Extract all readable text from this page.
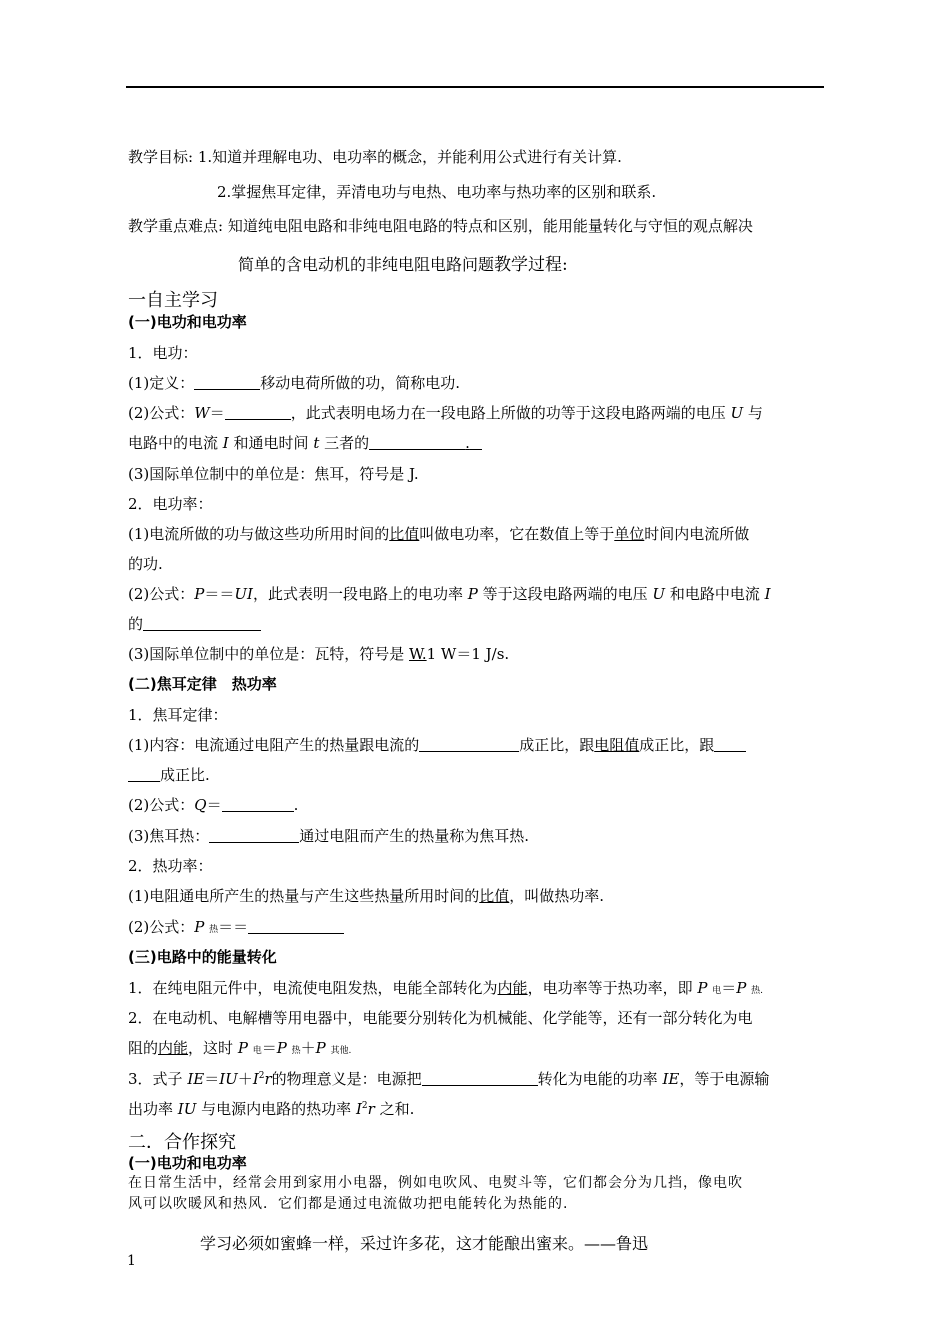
教学目标: 1.知道并理解电功、电功率的概念，并能利用公式进行有关计算.
2.掌握焦耳定律，弄清电功与电热、电功率与热功率的区别和联系.
教学重点难点: 知道纯电阻电路和非纯电阻电路的特点和区别，能用能量转化与守恒的观点解决
简单的含电动机的非纯电阻电路问题教学过程:
一自主学习
(一)电功和电功率
1．电功：
(1)定义：	移动电荷所做的功，简称电功.
(2)公式：W＝	，此式表明电场力在一段电路上所做的功等于这段电路两端的电压 U 与
电路中的电流 I 和通电时间 t 三者的	.
(3)国际单位制中的单位是：焦耳，符号是 J.
2．电功率：
(1)电流所做的功与做这些功所用时间的比值叫做电功率，它在数值上等于单位时间内电流所做
的功.
(2)公式：P＝＝UI，此式表明一段电路上的电功率 P 等于这段电路两端的电压 U 和电路中电流 I
的
(3)国际单位制中的单位是：瓦特，符号是 W.1 W＝1 J/s.
(二)焦耳定律　热功率
1．焦耳定律：
(1)内容：电流通过电阻产生的热量跟电流的	成正比，跟电阻值成正比，跟
成正比.
(2)公式：Q＝	.
(3)焦耳热：	通过电阻而产生的热量称为焦耳热.
2．热功率：
(1)电阻通电所产生的热量与产生这些热量所用时间的比值，叫做热功率.
(2)公式：P 热＝＝
(三)电路中的能量转化
1．在纯电阻元件中，电流使电阻发热，电能全部转化为内能，电功率等于热功率，即 P 电＝P 热.
2．在电动机、电解槽等用电器中，电能要分别转化为机械能、化学能等，还有一部分转化为电
阻的内能，这时 P 电＝P 热＋P 其他.
3．式子 $IE=IU+I^2r$的物理意义是：电源把	转化为电能的功率 IE，等于电源输
出功率 IU 与电源内电路的热功率 $I^2r$ 之和.
二．合作探究
(一)电功和电功率
在日常生活中，经常会用到家用小电器，例如电吹风、电熨斗等，它们都会分为几挡，像电吹
风可以吹暖风和热风．它们都是通过电流做功把电能转化为热能的.
学习必须如蜜蜂一样，采过许多花，这才能酿出蜜来。——鲁迅
1
